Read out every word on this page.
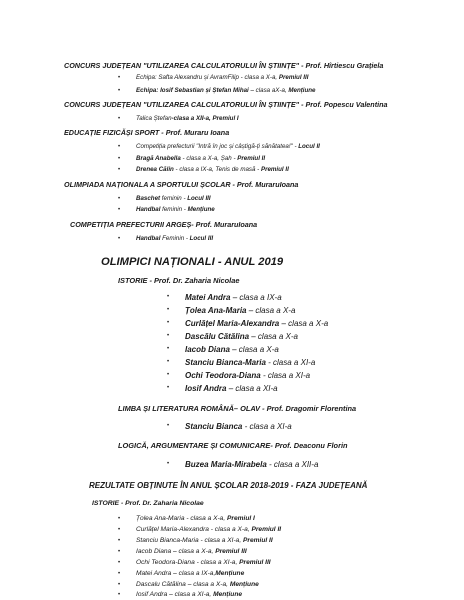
CONCURS JUDEȚEAN "UTILIZAREA CALCULATORULUI ÎN ȘTIINȚE" - Prof. Hîrtiescu Grațiela
•	Echipa: Safta Alexandru și AvramFilip - clasa a X-a, Premiul III
•	Echipa: Iosif Sebastian și Ștefan Mihai – clasa aX-a, Mențiune
CONCURS JUDEȚEAN "UTILIZAREA CALCULATORULUI ÎN ȘTIINȚE" - Prof. Popescu Valentina
•	Talica Ștefan-clasa a XII-a, Premiul I
EDUCAȚIE FIZICĂȘI SPORT - Prof. Muraru Ioana
•	Competiția prefecturii "Intră în joc și câștigă-ți sănătatea!" - Locul II
•	Bragă Anabella - clasa a X-a, Șah - Premiul II
•	Drenea Călin - clasa a IX-a, Tenis de masă - Premiul II
OLIMPIADA NAȚIONALA A SPORTULUI ȘCOLAR - Prof. MuraruIoana
•	Baschet feminin - Locul III
•	Handbal feminin - Mențiune
COMPETIȚIA PREFECTURII ARGEȘ- Prof. MuraruIoana
•	Handbal Feminin - Locul III
OLIMPICI NAȚIONALI - ANUL 2019
ISTORIE - Prof. Dr. Zaharia Nicolae
• Matei Andra – clasa a IX-a
• Țolea Ana-Maria – clasa a X-a
• Curlățel Maria-Alexandra – clasa a X-a
• Dascălu Cătălina – clasa a X-a
• Iacob Diana – clasa a X-a
• Stanciu Bianca-Maria - clasa a XI-a
• Ochi Teodora-Diana - clasa a XI-a
• Iosif Andra – clasa a XI-a
LIMBA ȘI LITERATURA ROMÂNĂ– OLAV - Prof. Dragomir Florentina
• Stanciu Bianca - clasa a XI-a
LOGICĂ, ARGUMENTARE ȘI COMUNICARE- Prof. Deaconu Florin
• Buzea Maria-Mirabela - clasa a XII-a
REZULTATE OBȚINUTE ÎN ANUL ȘCOLAR 2018-2019 - FAZA JUDEȚEANĂ
ISTORIE - Prof. Dr. Zaharia Nicolae
• Țolea Ana-Maria - clasa a X-a, Premiul I
• Curlățel Maria-Alexandra - clasa a X-a, Premiul II
• Stanciu Bianca-Maria - clasa a XI-a, Premiul II
• Iacob Diana – clasa a X-a, Premiul III
• Ochi Teodora-Diana - clasa a XI-a, Premiul III
• Matei Andra – clasa a IX-a,Mențiune
• Dascalu Cătălina – clasa a X-a, Mențiune
• Iosif Andra – clasa a XI-a, Mențiune
